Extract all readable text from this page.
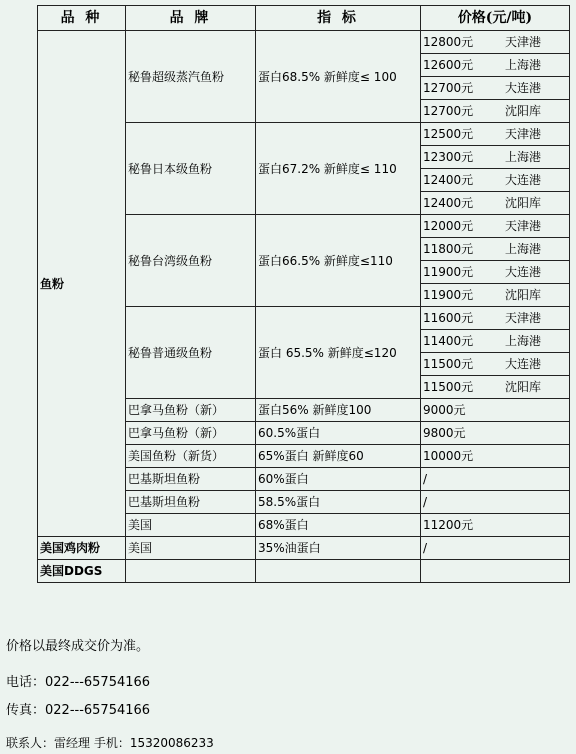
品 种	品 牌	指 标	价格(元/吨)
鱼粉	秘鲁超级蒸汽鱼粉	蛋白68.5% 新鲜度≤ 100	12800元 天津港

			12600元 上海港

			12700元 大连港

			12700元 沈阳库

	秘鲁日本级鱼粉	蛋白67.2% 新鲜度≤ 110	12500元 天津港

			12300元 上海港

			12400元 大连港

			12400元 沈阳库

	秘鲁台湾级鱼粉	蛋白66.5% 新鲜度≤110	12000元 天津港

			11800元 上海港

			11900元 大连港

			11900元 沈阳库

	秘鲁普通级鱼粉	蛋白 65.5% 新鲜度≤120	11600元 天津港

			11400元 上海港

			11500元 大连港

			11500元 沈阳库

	巴拿马鱼粉（新）	蛋白56% 新鲜度100	9000元
	巴拿马鱼粉（新）	60.5%蛋白	9800元
	美国鱼粉（新货）	65%蛋白 新鲜度60	10000元
	巴基斯坦鱼粉	60%蛋白	/
	巴基斯坦鱼粉	58.5%蛋白	/
	美国	68%蛋白	11200元
美国鸡肉粉	美国	35%油蛋白	/
美国DDGS			
价格以最终成交价为准。
电话：022---65754166
传真：022---65754166
联系人：雷经理 手机：15320086233
